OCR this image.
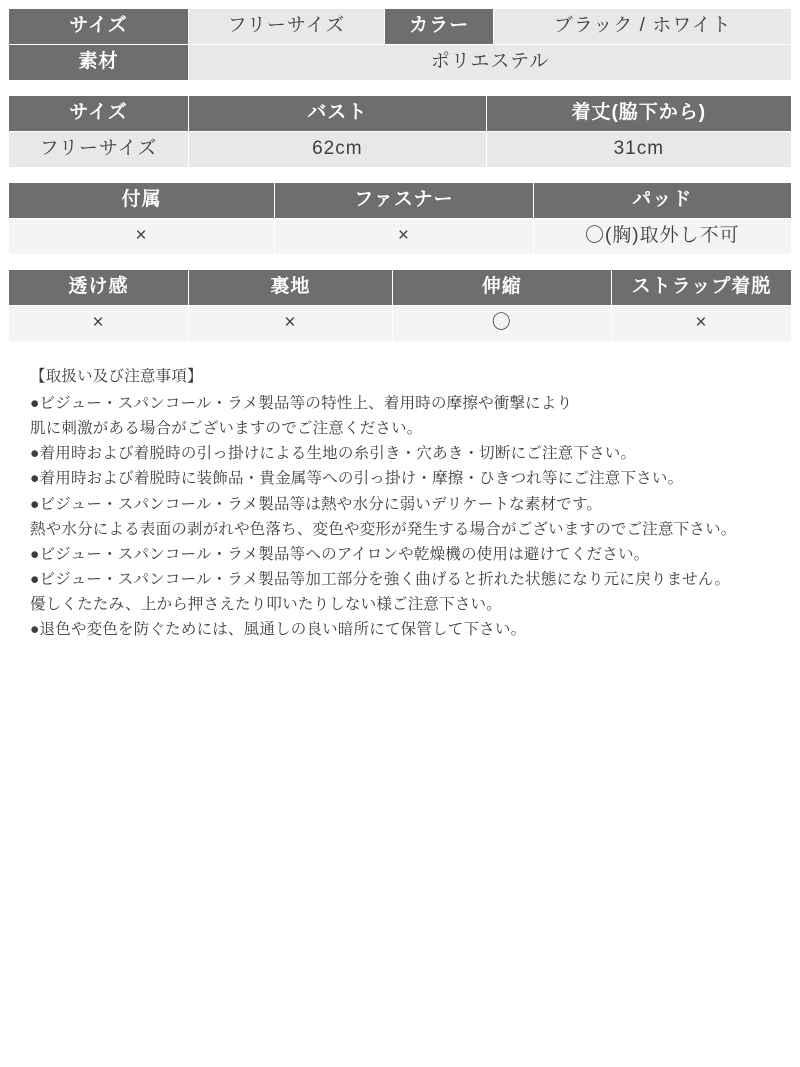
サイズ	フリーサイズ	カラー	ブラック / ホワイト
素材	ポリエステル		
サイズ	バスト	着丈(脇下から)
フリーサイズ	62cm	31cm
付属	ファスナー	パッド
×	×	〇(胸)取外し不可
透け感	裏地	伸縮	ストラップ着脱
×	×	〇	×

【取扱い及び注意事項】

●ビジュー・スパンコール・ラメ製品等の特性上、着用時の摩擦や衝撃により

肌に刺激がある場合がございますのでご注意ください。

●着用時および着脱時の引っ掛けによる生地の糸引き・穴あき・切断にご注意下さい。

●着用時および着脱時に装飾品・貴金属等への引っ掛け・摩擦・ひきつれ等にご注意下さい。

●ビジュー・スパンコール・ラメ製品等は熱や水分に弱いデリケートな素材です。

熱や水分による表面の剥がれや色落ち、変色や変形が発生する場合がございますのでご注意下さい。

●ビジュー・スパンコール・ラメ製品等へのアイロンや乾燥機の使用は避けてください。

●ビジュー・スパンコール・ラメ製品等加工部分を強く曲げると折れた状態になり元に戻りません。

優しくたたみ、上から押さえたり叩いたりしない様ご注意下さい。

●退色や変色を防ぐためには、風通しの良い暗所にて保管して下さい。
